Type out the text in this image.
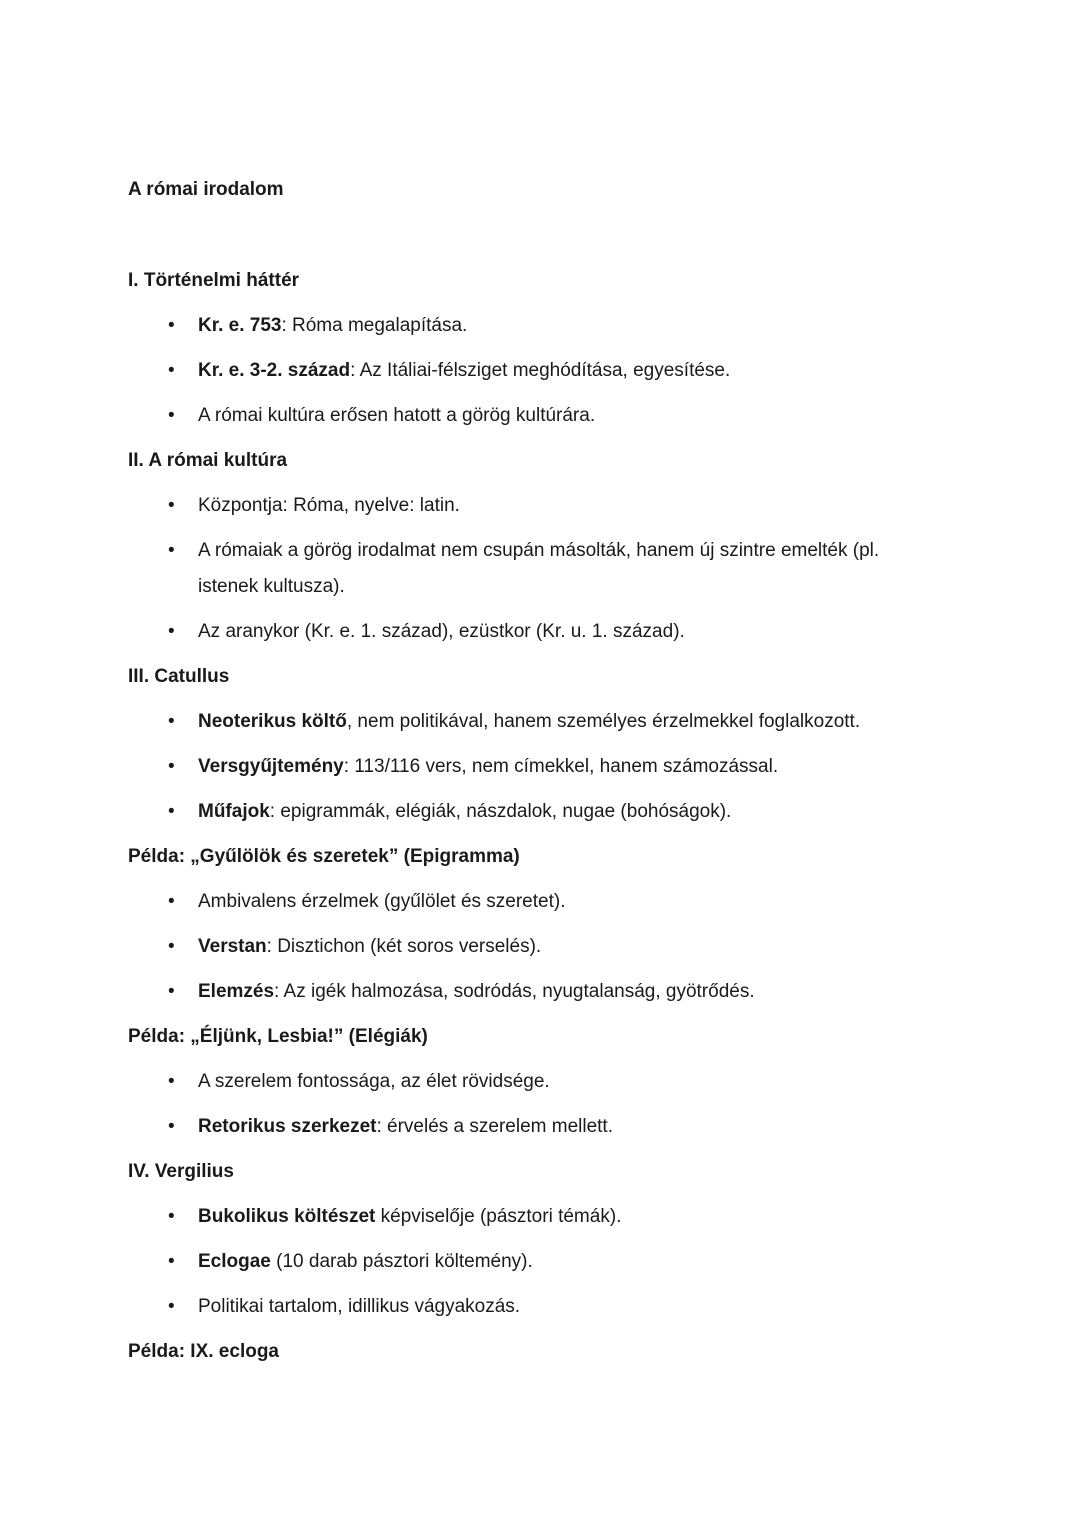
A római irodalom
I. Történelmi háttér
• Kr. e. 753: Róma megalapítása.
• Kr. e. 3-2. század: Az Itáliai-félsziget meghódítása, egyesítése.
• A római kultúra erősen hatott a görög kultúrára.
II. A római kultúra
• Központja: Róma, nyelve: latin.
• A rómaiak a görög irodalmat nem csupán másolták, hanem új szintre emelték (pl. istenek kultusza).
• Az aranykor (Kr. e. 1. század), ezüstkor (Kr. u. 1. század).
III. Catullus
• Neoterikus költő, nem politikával, hanem személyes érzelmekkel foglalkozott.
• Versgyűjtemény: 113/116 vers, nem címekkel, hanem számozással.
• Műfajok: epigrammák, elégiák, nászdalok, nugae (bohóságok).
Példa: „Gyűlölök és szeretek” (Epigramma)
• Ambivalens érzelmek (gyűlölet és szeretet).
• Verstan: Disztichon (két soros verselés).
• Elemzés: Az igék halmozása, sodródás, nyugtalanság, gyötrődés.
Példa: „Éljünk, Lesbia!” (Elégiák)
• A szerelem fontossága, az élet rövidsége.
• Retorikus szerkezet: érvelés a szerelem mellett.
IV. Vergilius
• Bukolikus költészet képviselője (pásztori témák).
• Eclogae (10 darab pásztori költemény).
• Politikai tartalom, idillikus vágyakozás.
Példa: IX. ecloga
